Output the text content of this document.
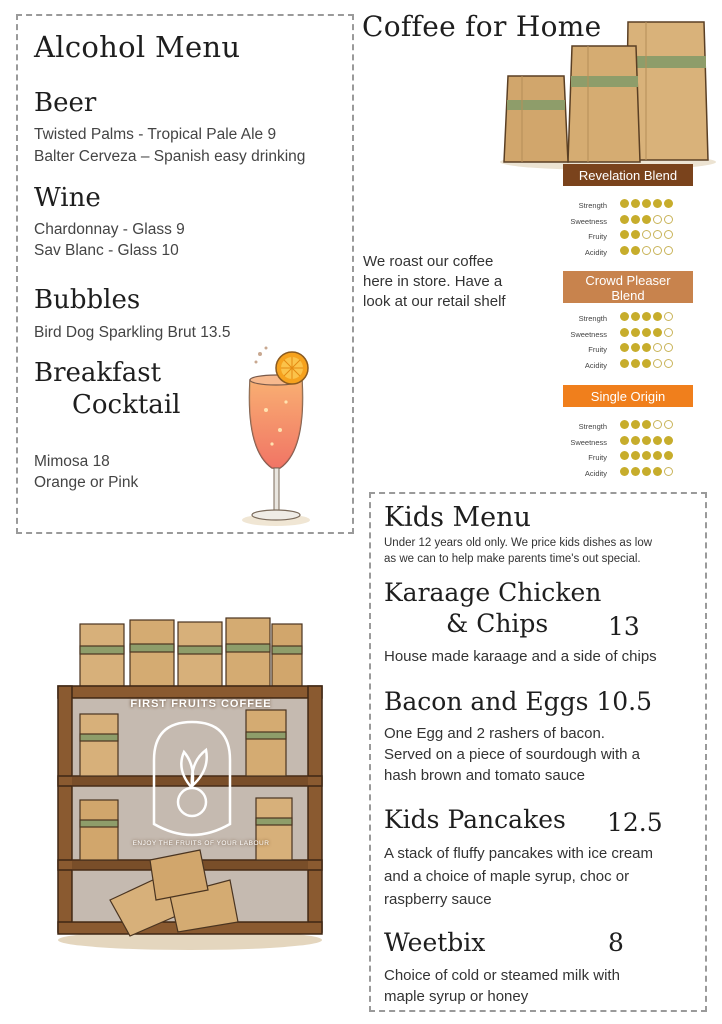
Alcohol Menu
Beer
Twisted Palms - Tropical Pale Ale 9
Balter Cerveza – Spanish easy drinking
Wine
Chardonnay - Glass 9
Sav Blanc - Glass 10
Bubbles
Bird Dog Sparkling Brut 13.5
Breakfast
Cocktail
Mimosa 18
Orange or Pink
Coffee for Home
We roast our coffee
here in store. Have a
look at our retail shelf
Revelation Blend
Strength
Sweetness
Fruity
Acidity
Crowd Pleaser
Blend
Strength
Sweetness
Fruity
Acidity
Single Origin
Strength
Sweetness
Fruity
Acidity
FIRST FRUITS COFFEE
ENJOY THE FRUITS OF YOUR LABOUR
Kids Menu
Under 12 years old only. We price kids dishes as low
as we can to help make parents time's out special.
Karaage Chicken
& Chips 13
House made karaage and a side of chips
Bacon and Eggs 10.5
One Egg and 2 rashers of bacon.
Served on a piece of sourdough with a
hash brown and tomato sauce
Kids Pancakes 12.5
A stack of fluffy pancakes with ice cream
and a choice of maple syrup, choc or
raspberry sauce
Weetbix	8
Choice of cold or steamed milk with
maple syrup or honey
